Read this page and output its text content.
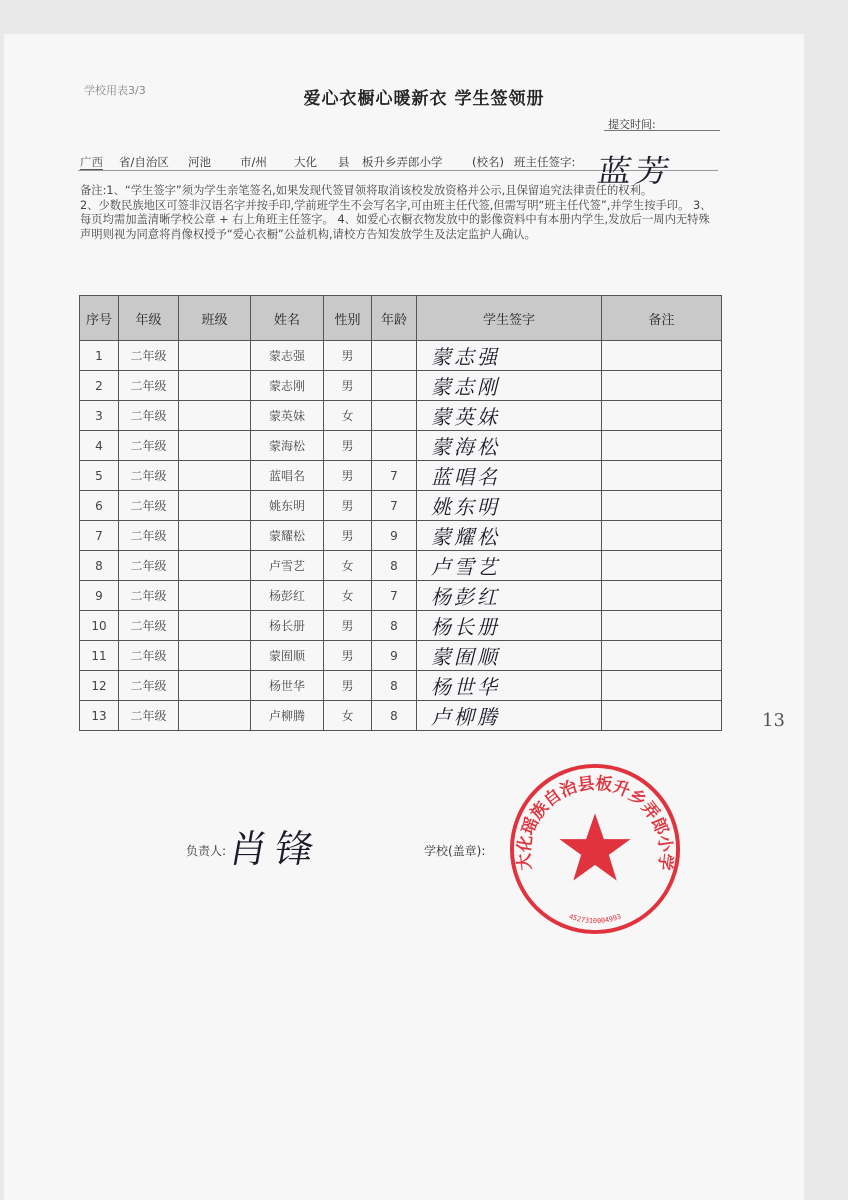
学校用表3/3	爱心衣橱心暖新衣 学生签领册
提交时间:
广西 省/自治区 河池	市/州 大化 县 板升乡弄郎小学	(校名) 班主任签字: 蓝芳

备注:1、“学生签字”须为学生亲笔签名,如果发现代签冒领将取消该校发放资格并公示,且保留追究法律责任的权利。

2、少数民族地区可签非汉语名字并按手印,学前班学生不会写名字,可由班主任代签,但需写明“班主任代签”,并学生按手印。 3、每页均需加盖清晰学校公章 + 右上角班主任签字。 4、如爱心衣橱衣物发放中的影像资料中有本册内学生,发放后一周内无特殊声明则视为同意将肖像权授予“爱心衣橱”公益机构,请校方告知发放学生及法定监护人确认。

序号	年级	班级	姓名	性别	年龄	学生签字	备注
1	二年级		蒙志强	男		蒙志强	
2	二年级		蒙志刚	男		蒙志刚	
3	二年级		蒙英妹	女		蒙英妹	
4	二年级		蒙海松	男		蒙海松	
5	二年级		蓝唱名	男	7	蓝唱名	
6	二年级		姚东明	男	7	姚东明	
7	二年级		蒙耀松	男	9	蒙耀松	
8	二年级		卢雪艺	女	8	卢雪艺	
9	二年级		杨彭红	女	7	杨彭红	
10	二年级		杨长册	男	8	杨长册	
11	二年级		蒙囿顺	男	9	蒙囿顺	
12	二年级		杨世华	男	8	杨世华	
13	二年级		卢柳腾	女	8	卢柳腾		13
负责人: 肖锋	学校(盖章):
大化瑶族自治县板升乡弄郎小学
4527310004993
